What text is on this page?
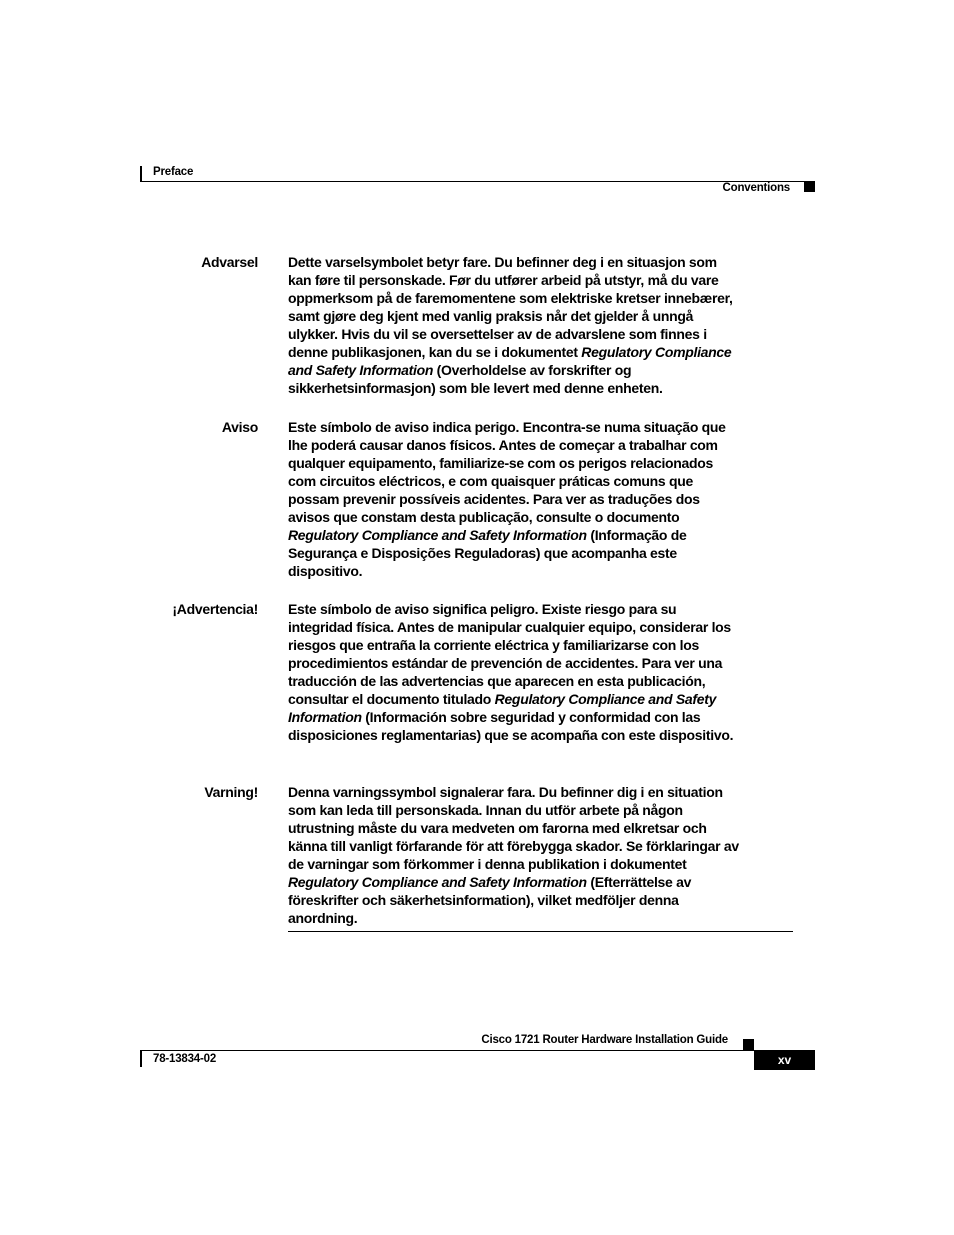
Preface
Conventions
Advarsel Dette varselsymbolet betyr fare. Du befinner deg i en situasjon som kan føre til personskade. Før du utfører arbeid på utstyr, må du vare oppmerksom på de faremomentene som elektriske kretser innebærer, samt gjøre deg kjent med vanlig praksis når det gjelder å unngå ulykker. Hvis du vil se oversettelser av de advarslene som finnes i denne publikasjonen, kan du se i dokumentet Regulatory Compliance and Safety Information (Overholdelse av forskrifter og sikkerhetsinformasjon) som ble levert med denne enheten.
Aviso Este símbolo de aviso indica perigo. Encontra-se numa situação que lhe poderá causar danos físicos. Antes de começar a trabalhar com qualquer equipamento, familiarize-se com os perigos relacionados com circuitos eléctricos, e com quaisquer práticas comuns que possam prevenir possíveis acidentes. Para ver as traduções dos avisos que constam desta publicação, consulte o documento Regulatory Compliance and Safety Information (Informação de Segurança e Disposições Reguladoras) que acompanha este dispositivo.
¡Advertencia! Este símbolo de aviso significa peligro. Existe riesgo para su integridad física. Antes de manipular cualquier equipo, considerar los riesgos que entraña la corriente eléctrica y familiarizarse con los procedimientos estándar de prevención de accidentes. Para ver una traducción de las advertencias que aparecen en esta publicación, consultar el documento titulado Regulatory Compliance and Safety Information (Información sobre seguridad y conformidad con las disposiciones reglamentarias) que se acompaña con este dispositivo.
Varning! Denna varningssymbol signalerar fara. Du befinner dig i en situation som kan leda till personskada. Innan du utför arbete på någon utrustning måste du vara medveten om farorna med elkretsar och känna till vanligt förfarande för att förebygga skador. Se förklaringar av de varningar som förkommer i denna publikation i dokumentet Regulatory Compliance and Safety Information (Efterrättelse av föreskrifter och säkerhetsinformation), vilket medföljer denna anordning.
Cisco 1721 Router Hardware Installation Guide
78-13834-02	xv
